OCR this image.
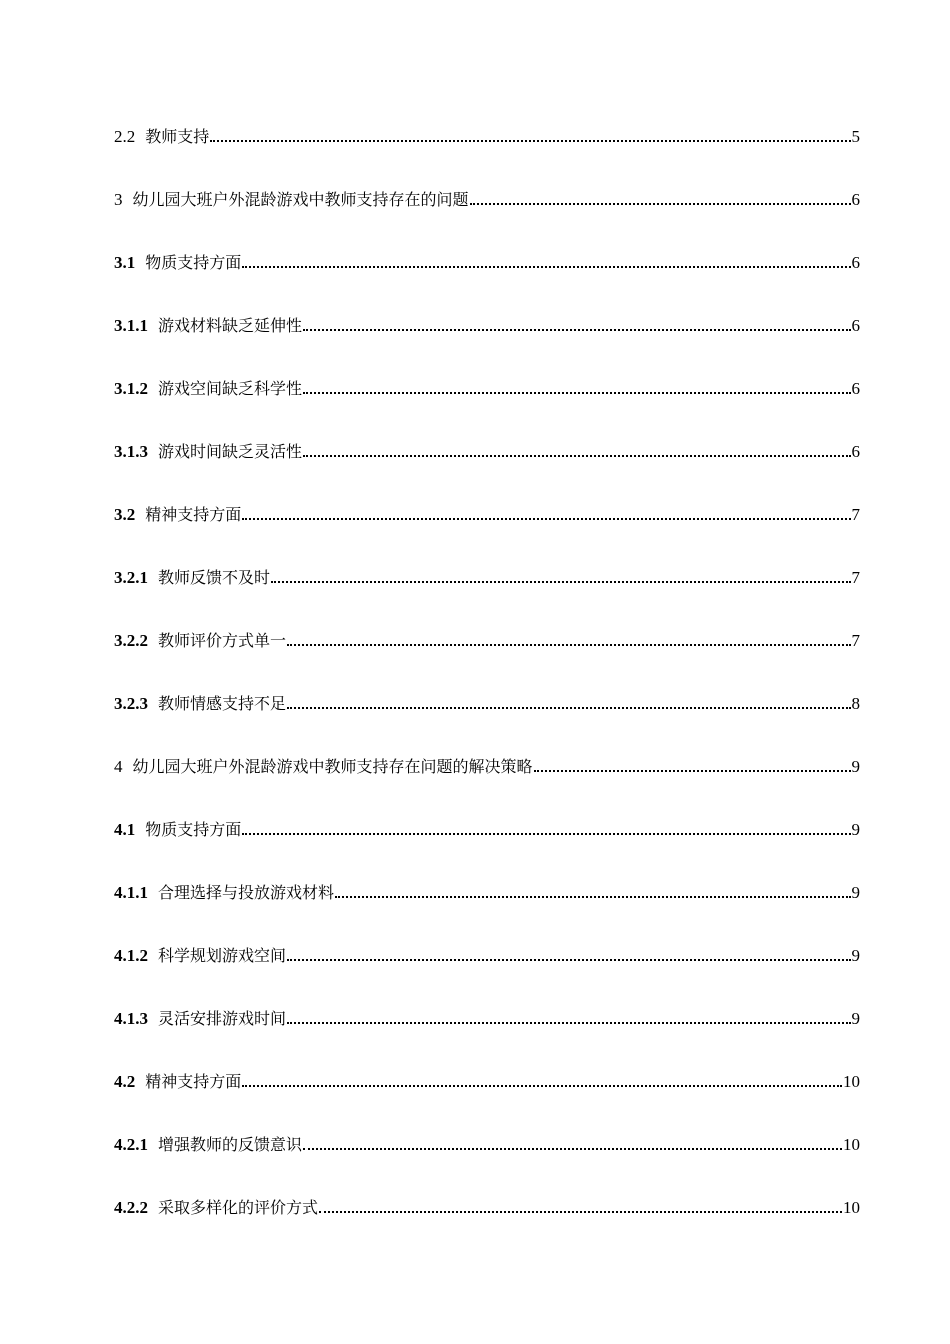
2.2 教师支持	5
3 幼儿园大班户外混龄游戏中教师支持存在的问题	6
3.1 物质支持方面	6
3.1.1 游戏材料缺乏延伸性	6
3.1.2 游戏空间缺乏科学性	6
3.1.3 游戏时间缺乏灵活性	6
3.2 精神支持方面	7
3.2.1 教师反馈不及时	7
3.2.2 教师评价方式单一	7
3.2.3 教师情感支持不足	8
4 幼儿园大班户外混龄游戏中教师支持存在问题的解决策略	9
4.1 物质支持方面	9
4.1.1 合理选择与投放游戏材料	9
4.1.2 科学规划游戏空间	9
4.1.3 灵活安排游戏时间	9
4.2 精神支持方面	10
4.2.1 增强教师的反馈意识	10
4.2.2 采取多样化的评价方式	10
